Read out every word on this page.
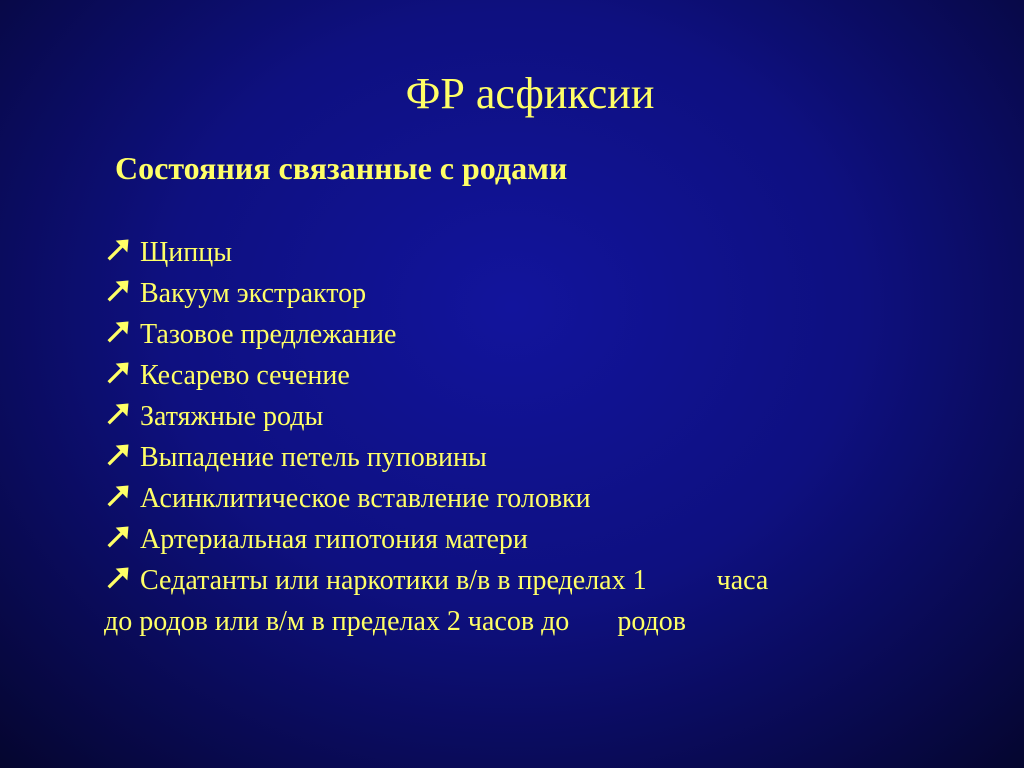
ФР асфиксии
Состояния связанные с родами
Щипцы
Вакуум экстрактор
Тазовое предлежание
Кесарево сечение
Затяжные роды
Выпадение петель пуповины
Асинклитическое вставление головки
Артериальная гипотония матери
Седатанты или наркотики в/в в пределах 1	часа
до родов или в/м в пределах 2 часов до родов
